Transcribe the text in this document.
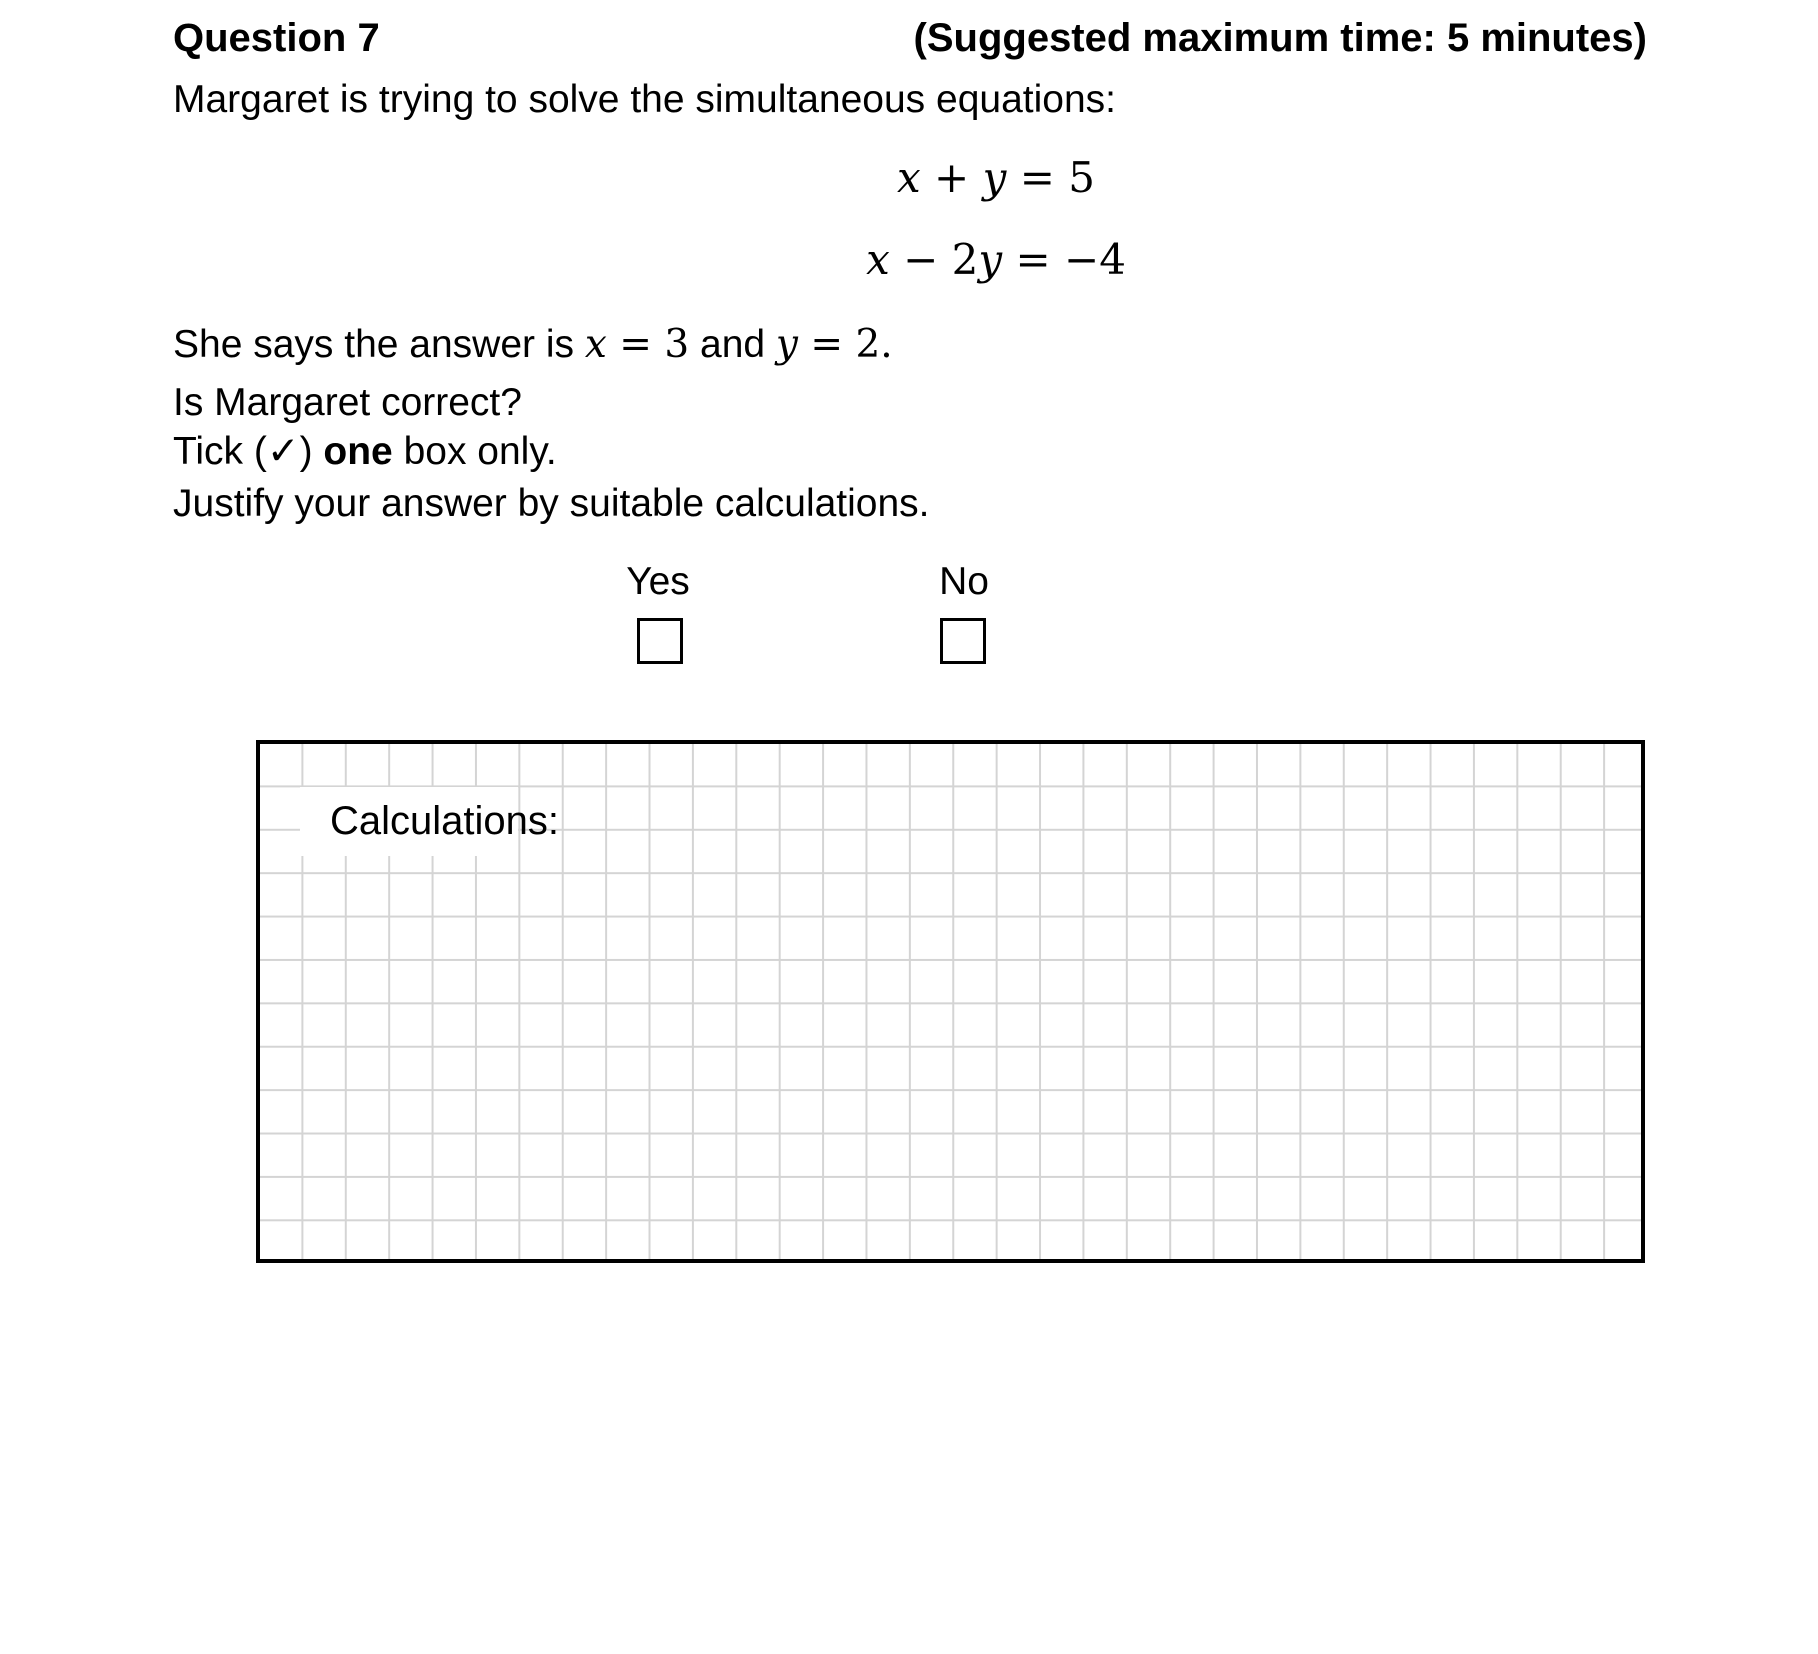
Question 7	(Suggested maximum time: 5 minutes)
Margaret is trying to solve the simultaneous equations:
x + y = 5
x − 2y = −4
She says the answer is x = 3 and y = 2.
Is Margaret correct?
Tick (✓) one box only.
Justify your answer by suitable calculations.
Yes	No
Calculations:
